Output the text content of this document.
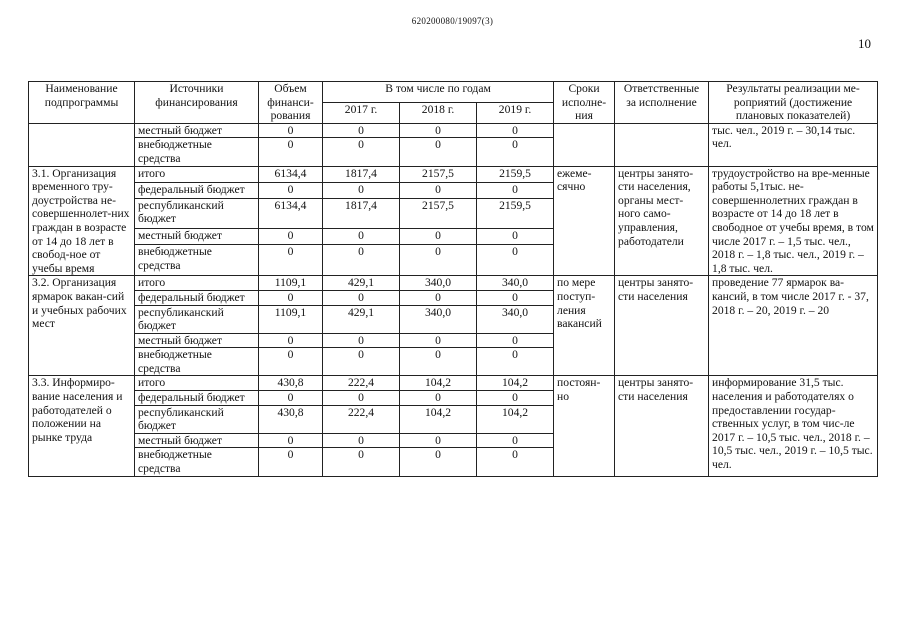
620200080/19097(3)
10
Наименование подпрограммы	Источники финансирования	Объем финанси-рования	В том числе по годам			Сроки исполне-ния	Ответственные за исполнение	Результаты реализации ме-роприятий (достижение плановых показателей)
			2017 г.	2018 г.	2019 г.			
	местный бюджет	0	0	0	0			тыс. чел., 2019 г. – 30,14 тыс. чел.
	внебюджетные средства	0	0	0	0			
3.1. Организация временного тру-доустройства не-совершеннолет-них граждан в возрасте от 14 до 18 лет в свобод-ное от учебы время	итого	6134,4	1817,4	2157,5	2159,5	ежеме-сячно	центры занято-сти населения, органы мест-ного само-управления, работодатели	трудоустройство на вре-менные работы 5,1тыс. не-совершеннолетних граждан в возрасте от 14 до 18 лет в свободное от учебы время, в том числе 2017 г. – 1,5 тыс. чел., 2018 г. – 1,8 тыс. чел., 2019 г. – 1,8 тыс. чел.
	федеральный бюджет	0	0	0	0			
	республиканский бюджет	6134,4	1817,4	2157,5	2159,5			
	местный бюджет	0	0	0	0			
	внебюджетные средства	0	0	0	0			
3.2. Организация ярмарок вакан-сий и учебных рабочих мест	итого	1109,1	429,1	340,0	340,0	по мере поступ-ления вакансий	центры занято-сти населения	проведение 77 ярмарок ва-кансий, в том числе 2017 г. - 37, 2018 г. – 20, 2019 г. – 20
	федеральный бюджет	0	0	0	0			
	республиканский бюджет	1109,1	429,1	340,0	340,0			
	местный бюджет	0	0	0	0			
	внебюджетные средства	0	0	0	0			
3.3. Информиро-вание населения и работодателей о положении на рынке труда	итого	430,8	222,4	104,2	104,2	постоян-но	центры занято-сти населения	информирование 31,5 тыс. населения и работодателях о предоставлении государ-ственных услуг, в том чис-ле 2017 г. – 10,5 тыс. чел., 2018 г. – 10,5 тыс. чел., 2019 г. – 10,5 тыс. чел.
	федеральный бюджет	0	0	0	0			
	республиканский бюджет	430,8	222,4	104,2	104,2			
	местный бюджет	0	0	0	0			
	внебюджетные средства	0	0	0	0			
